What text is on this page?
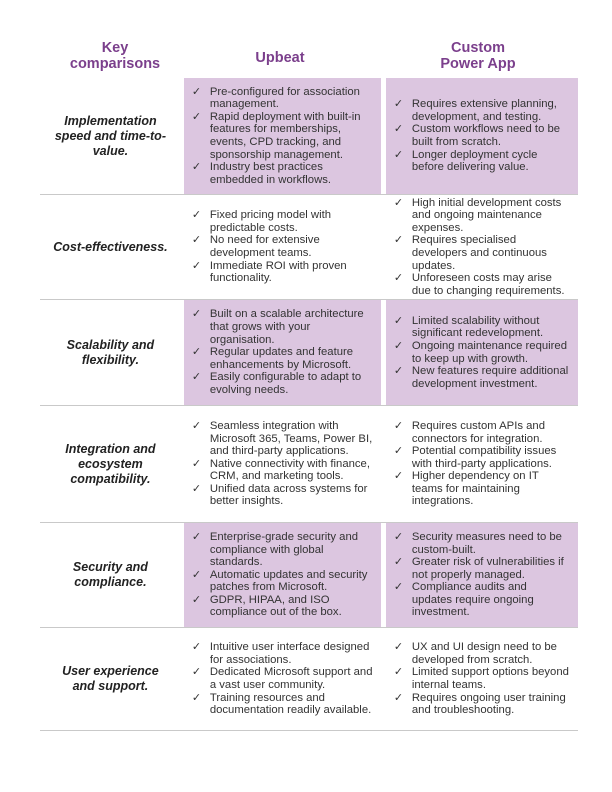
Key
comparisons	Upbeat
Custom
Power App
Implementation
speed and time-to-
value.
✓ Pre-configured for association management.
✓ Rapid deployment with built-in features for memberships, events, CPD tracking, and sponsorship management.
✓ Industry best practices embedded in workflows.
✓ Requires extensive planning, development, and testing.
✓ Custom workflows need to be built from scratch.
✓ Longer deployment cycle before delivering value.
Cost-effectiveness.
✓ Fixed pricing model with predictable costs.
✓ No need for extensive development teams.
✓ Immediate ROI with proven functionality.
✓ High initial development costs and ongoing maintenance expenses.
✓ Requires specialised developers and continuous updates.
✓ Unforeseen costs may arise due to changing requirements.
Scalability and
flexibility.
✓ Built on a scalable architecture that grows with your organisation.
✓ Regular updates and feature enhancements by Microsoft.
✓ Easily configurable to adapt to evolving needs.
✓ Limited scalability without significant redevelopment.
✓ Ongoing maintenance required to keep up with growth.
✓ New features require additional development investment.
Integration and
ecosystem
compatibility.
✓ Seamless integration with Microsoft 365, Teams, Power BI, and third-party applications.
✓ Native connectivity with finance, CRM, and marketing tools.
✓ Unified data across systems for better insights.
✓ Requires custom APIs and connectors for integration.
✓ Potential compatibility issues with third-party applications.
✓ Higher dependency on IT teams for maintaining integrations.
Security and
compliance.
✓ Enterprise-grade security and compliance with global standards.
✓ Automatic updates and security patches from Microsoft.
✓ GDPR, HIPAA, and ISO compliance out of the box.
✓ Security measures need to be custom-built.
✓ Greater risk of vulnerabilities if not properly managed.
✓ Compliance audits and updates require ongoing investment.
User experience
and support.
✓ Intuitive user interface designed for associations.
✓ Dedicated Microsoft support and a vast user community.
✓ Training resources and documentation readily available.
✓ UX and UI design need to be developed from scratch.
✓ Limited support options beyond internal teams.
✓ Requires ongoing user training and troubleshooting.
